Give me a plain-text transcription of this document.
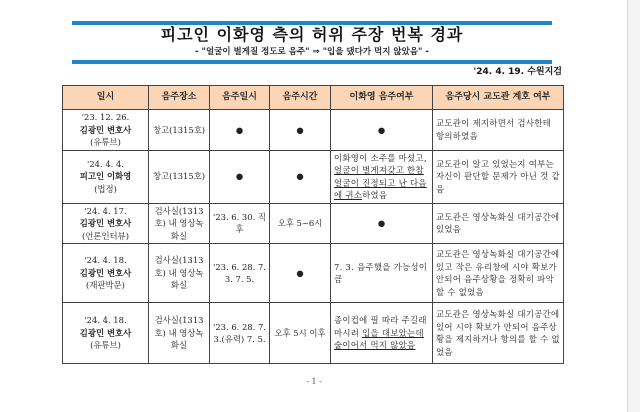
피고인 이화영 측의 허위 주장 번복 경과
- "얼굴이 벌게질 정도로 음주" ⇒ "입을 댔다가 먹지 않았음" -
'24. 4. 19. 수원지검
일시	음주장소	음주일시	음주시간	이화영 음주여부	음주당시 교도관 계호 여부
'23. 12. 26.
김광민 변호사
(유튜브)	창고(1315호)	●	●	●	교도관이 제지하면서 검사한테 항의하였음
'24. 4. 4.
피고인 이화영
(법정)	창고(1315호)	●	●	이화영이 소주를 마셨고,얼굴이 벌게져갖고 한참 얼굴이 진정되고 난 다음에 귀소하였음	교도관이 알고 있었는지 여부는 자신이 판단할 문제가 아닌 것 같음
'24. 4. 17.
김광민 변호사
(언론인터뷰)	검사실(1313호) 내 영상녹화실	'23. 6. 30. 직후	오후 5~6시	●	교도관은 영상녹화실 대기공간에 있었음
'24. 4. 18.
김광민 변호사
(재판박문)	검사실(1313호) 내 영상녹화실	'23. 6. 28. 7. 3. 7. 5.	●	7. 3. 음주했을 가능성이 큼	교도관은 영상녹화실 대기공간에 있고 작은 유리창에 시야 확보가 안되어 음주상황을 정확히 파악할 수 없었음
'24. 4. 18.
김광민 변호사
(유튜브)	검사실(1313호) 내 영상녹화실	'23. 6. 28. 7. 3.(유력) 7. 5.	오후 5시 이후	종이컵에 필 따라 주길래 마시려 입을 대보았는데 술이어서 먹지 않았음	교도관은 영상녹화실 대기공간에 있어 시야 확보가 안되어 음주상황을 제지하거나 항의를 할 수 없었음
- 1 -
